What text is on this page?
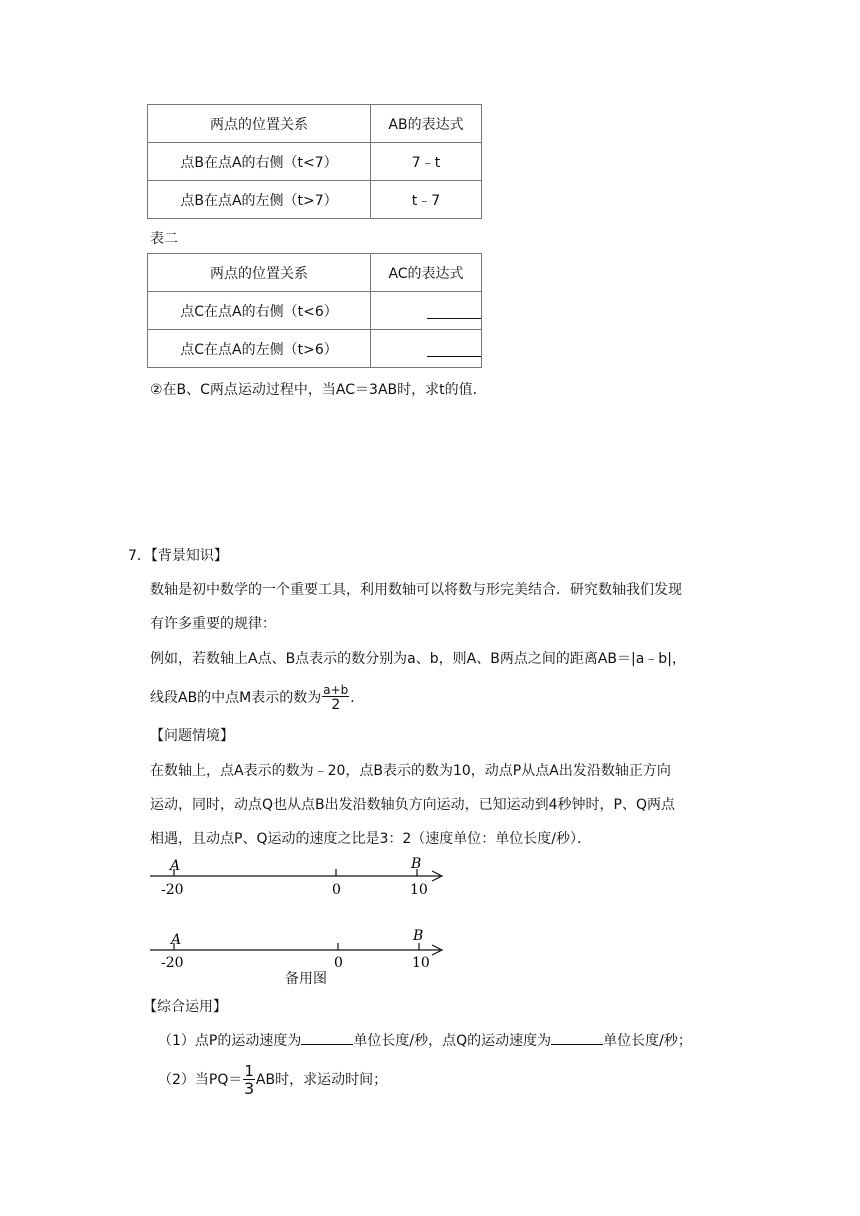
两点的位置关系	AB的表达式
点B在点A的右侧（t<7）	7﹣t
点B在点A的左侧（t>7）	t﹣7
表二
两点的位置关系	AC的表达式
点C在点A的右侧（t<6）	
点C在点A的左侧（t>6）	
②在B、C两点运动过程中，当AC＝3AB时，求t的值．
7．【背景知识】
数轴是初中数学的一个重要工具，利用数轴可以将数与形完美结合．研究数轴我们发现
有许多重要的规律：
例如，若数轴上A点、B点表示的数分别为a、b，则A、B两点之间的距离AB＝|a﹣b|，
线段AB的中点M表示的数为 $\frac{a+b}{2}$ ．
【问题情境】
在数轴上，点A表示的数为﹣20，点B表示的数为10，动点P从点A出发沿数轴正方向
运动，同时，动点Q也从点B出发沿数轴负方向运动，已知运动到4秒钟时，P、Q两点
相遇，且动点P、Q运动的速度之比是3：2（速度单位：单位长度/秒）．
A	B
-20	0	10
A	B
-20	0	10
备用图
【综合运用】
（1）点P的运动速度为	单位长度/秒，点Q的运动速度为	单位长度/秒；
（2）当$PQ= \frac{1}{3}$ AB时，求运动时间；
